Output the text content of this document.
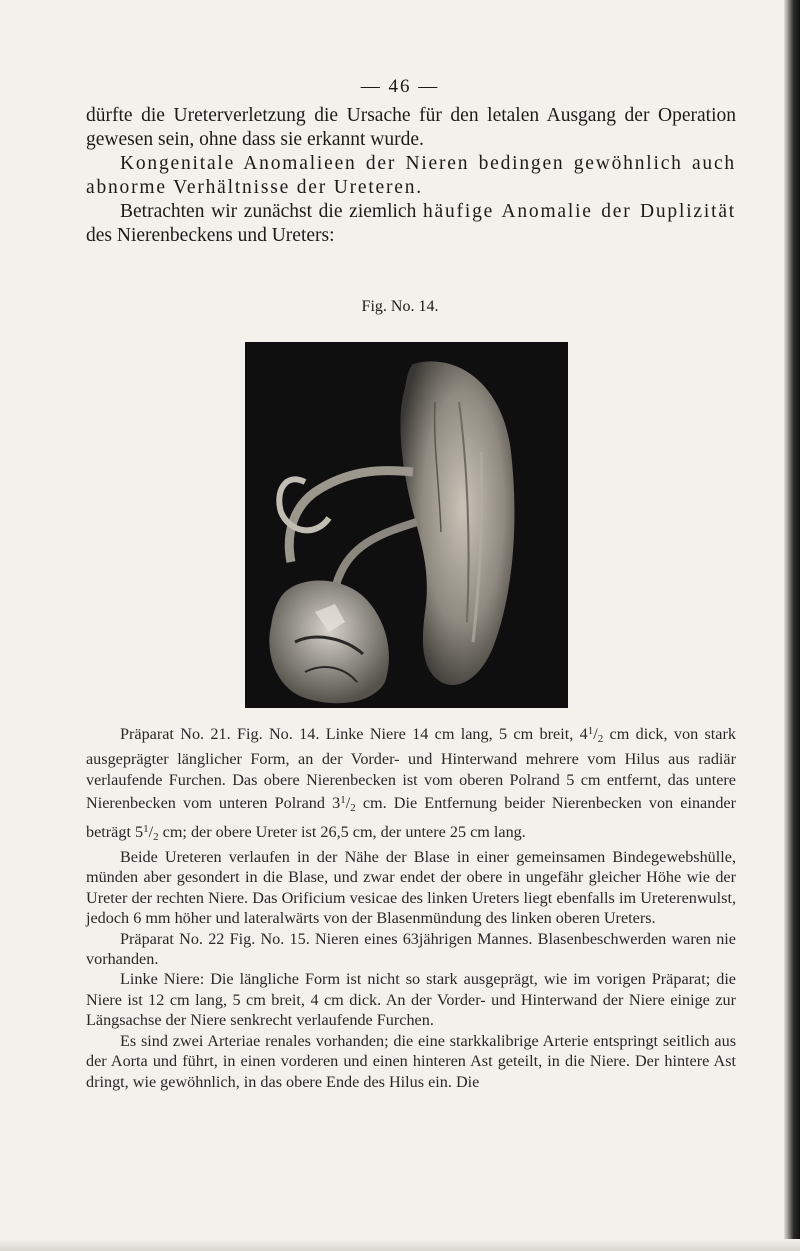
— 46 —

dürfte die Ureterverletzung die Ursache für den letalen Ausgang der Operation gewesen sein, ohne dass sie erkannt wurde.

Kongenitale Anomalieen der Nieren bedingen gewöhnlich auch abnorme Verhältnisse der Ureteren.

Betrachten wir zunächst die ziemlich häufige Anomalie der Duplizität des Nierenbeckens und Ureters:

Fig. No. 14.

Präparat No. 21. Fig. No. 14. Linke Niere 14 cm lang, 5 cm breit, $4^1/_2$ cm dick, von stark ausgeprägter länglicher Form, an der Vorder- und Hinterwand mehrere vom Hilus aus radiär verlaufende Furchen. Das obere Nierenbecken ist vom oberen Polrand 5 cm entfernt, das untere Nierenbecken vom unteren Polrand $3^1/_2$ cm. Die Entfernung beider Nierenbecken von einander beträgt $5^1/_2$ cm; der obere Ureter ist 26,5 cm, der untere 25 cm lang.

Beide Ureteren verlaufen in der Nähe der Blase in einer gemeinsamen Bindegewebshülle, münden aber gesondert in die Blase, und zwar endet der obere in ungefähr gleicher Höhe wie der Ureter der rechten Niere. Das Orificium vesicae des linken Ureters liegt ebenfalls im Ureterenwulst, jedoch 6 mm höher und lateralwärts von der Blasenmündung des linken oberen Ureters.

Präparat No. 22 Fig. No. 15. Nieren eines 63jährigen Mannes. Blasenbeschwerden waren nie vorhanden.

Linke Niere: Die längliche Form ist nicht so stark ausgeprägt, wie im vorigen Präparat; die Niere ist 12 cm lang, 5 cm breit, 4 cm dick. An der Vorder- und Hinterwand der Niere einige zur Längsachse der Niere senkrecht verlaufende Furchen.

Es sind zwei Arteriae renales vorhanden; die eine starkkalibrige Arterie entspringt seitlich aus der Aorta und führt, in einen vorderen und einen hinteren Ast geteilt, in die Niere. Der hintere Ast dringt, wie gewöhnlich, in das obere Ende des Hilus ein. Die
